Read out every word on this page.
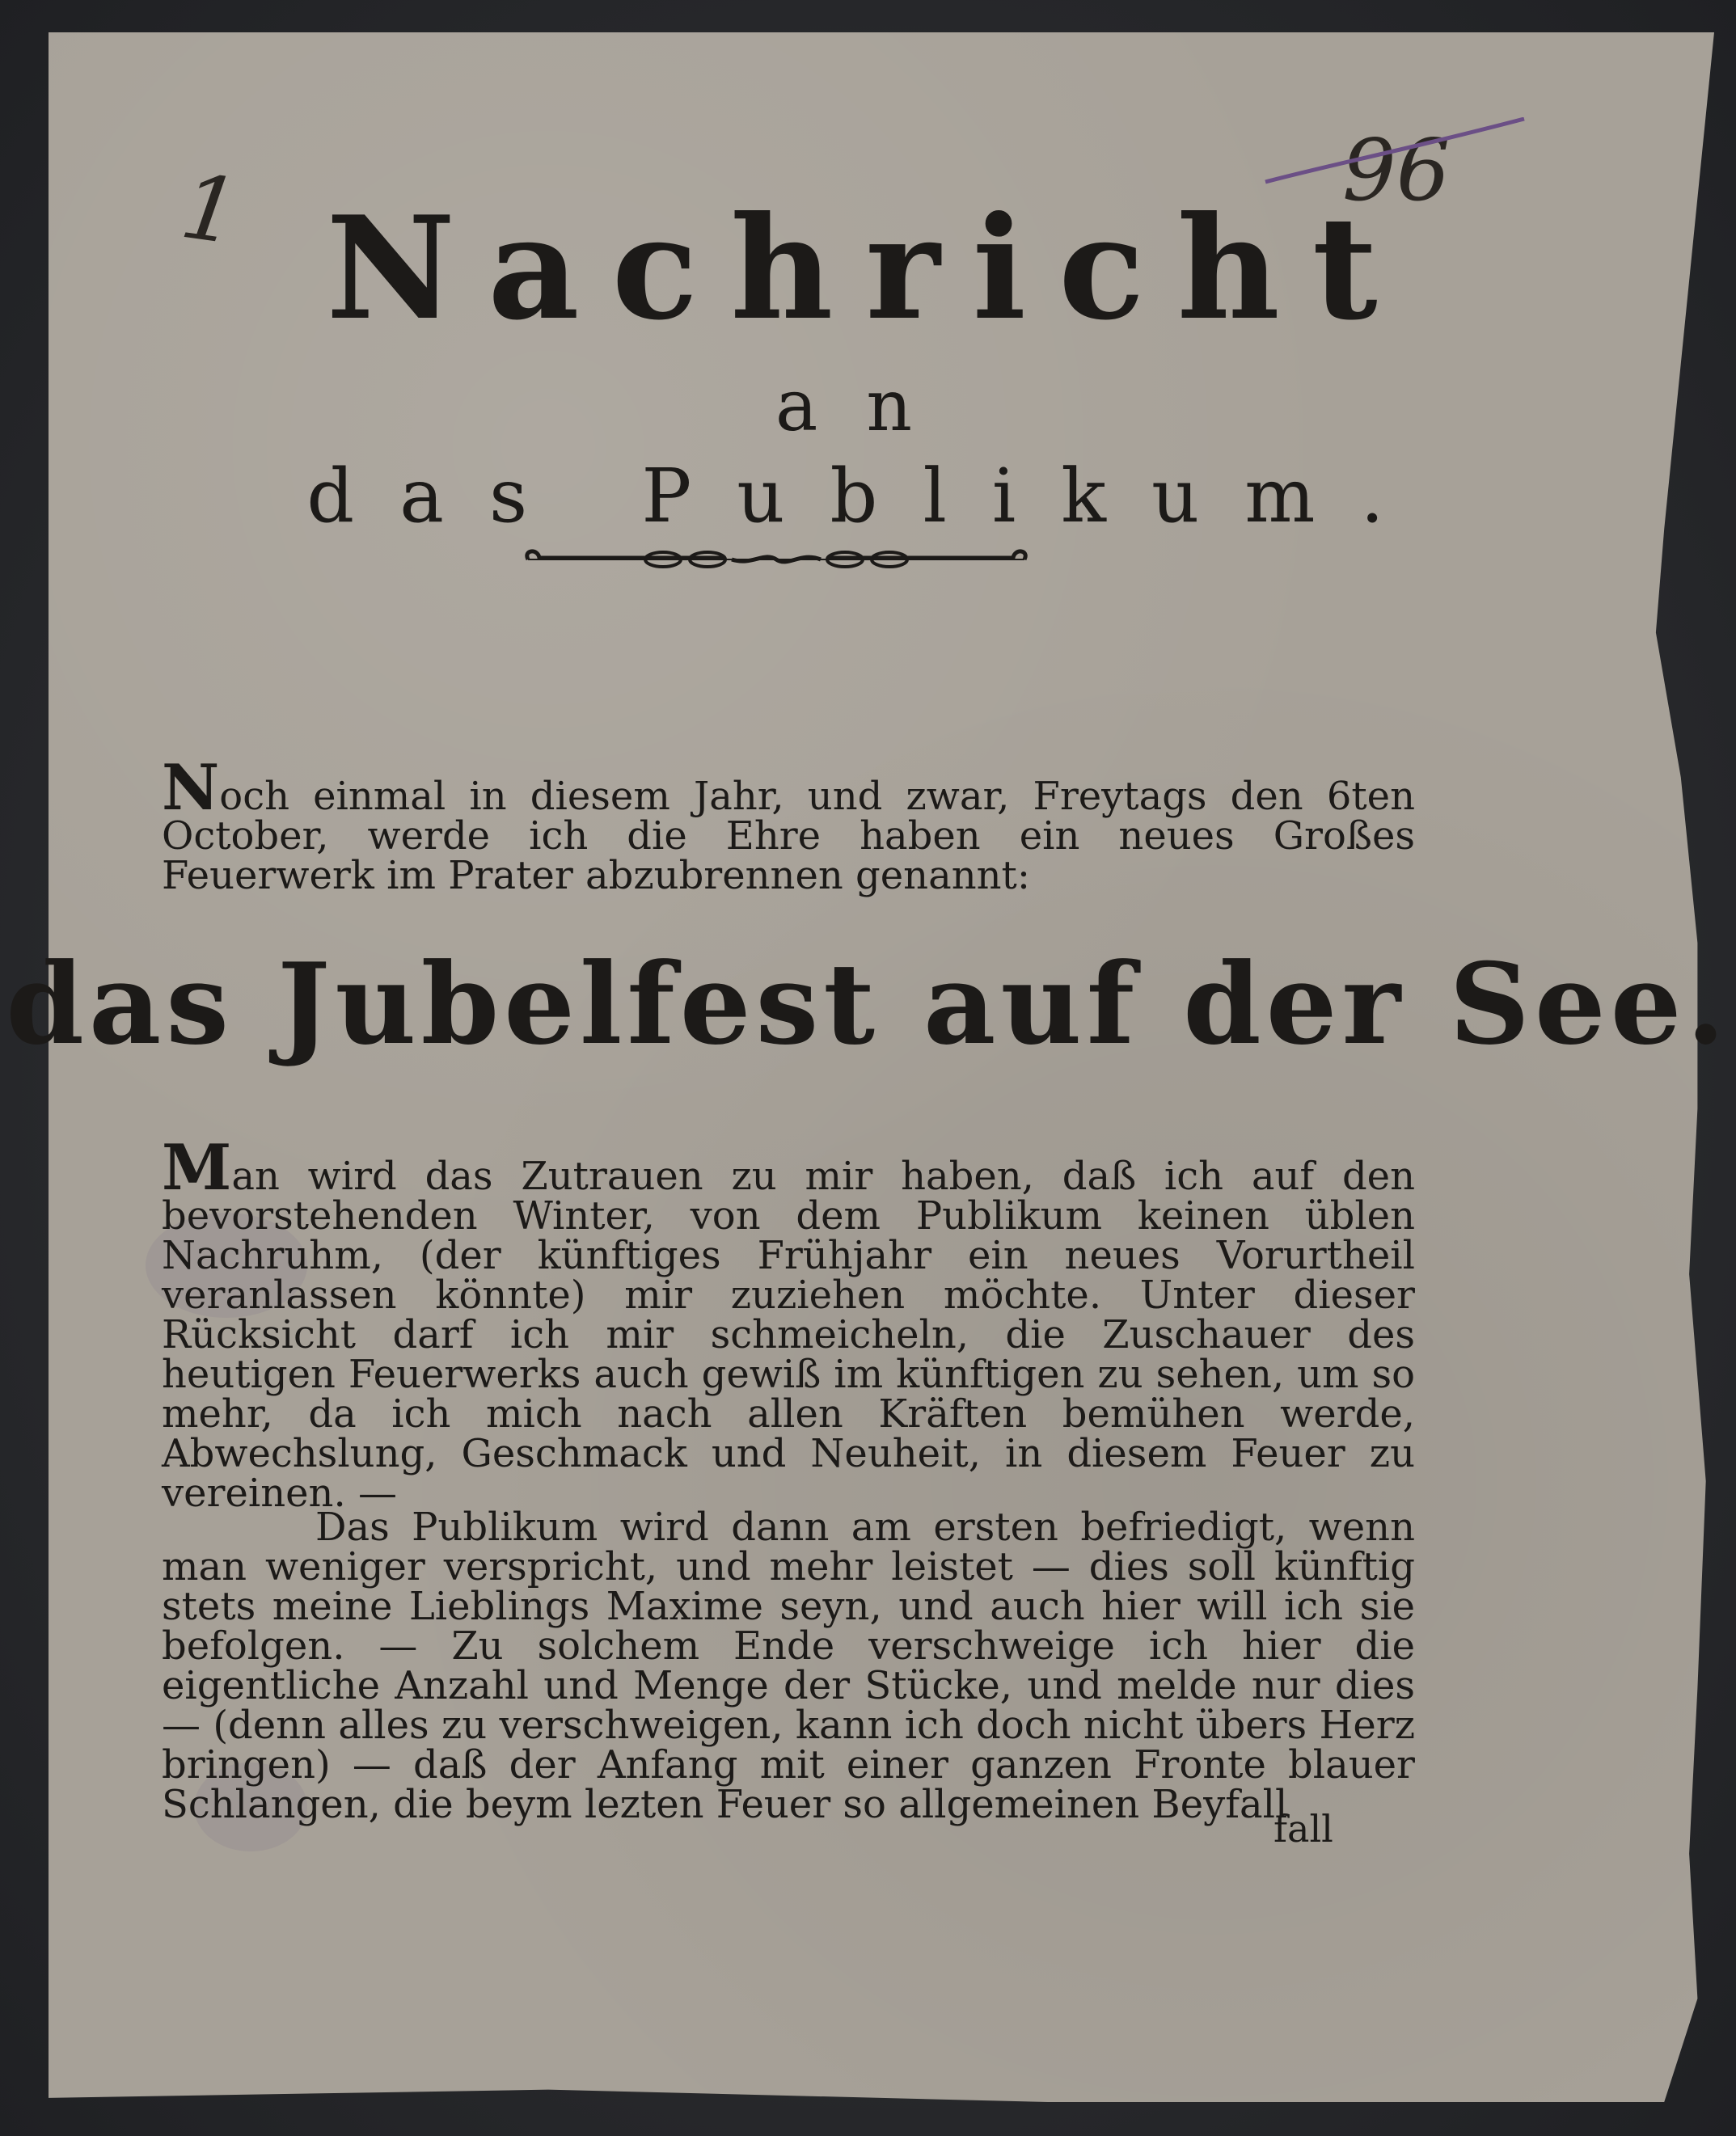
1	96

Nachricht

an

das Publikum.

Noch einmal in diesem Jahr, und zwar, Freytags den 6ten October, werde ich die Ehre haben ein neues Großes Feuerwerk im Prater abzubrennen genannt:
das Jubelfest auf der See.
Man wird das Zutrauen zu mir haben, daß ich auf den bevorstehenden Winter, von dem Publikum keinen üblen Nachruhm, (der künftiges Frühjahr ein neues Vorurtheil veranlassen könnte) mir zuziehen möchte. Unter dieser Rücksicht darf ich mir schmeicheln, die Zuschauer des heutigen Feuerwerks auch gewiß im künftigen zu sehen, um so mehr, da ich mich nach allen Kräften bemühen werde, Abwechslung, Geschmack und Neuheit, in diesem Feuer zu vereinen. —
Das Publikum wird dann am ersten befriedigt, wenn man weniger verspricht, und mehr leistet — dies soll künftig stets meine Lieblings Maxime seyn, und auch hier will ich sie befolgen. — Zu solchem Ende verschweige ich hier die eigentliche Anzahl und Menge der Stücke, und melde nur dies — (denn alles zu verschweigen, kann ich doch nicht übers Herz bringen) — daß der Anfang mit einer ganzen Fronte blauer Schlangen, die beym lezten Feuer so allgemeinen Beyfall
fall
